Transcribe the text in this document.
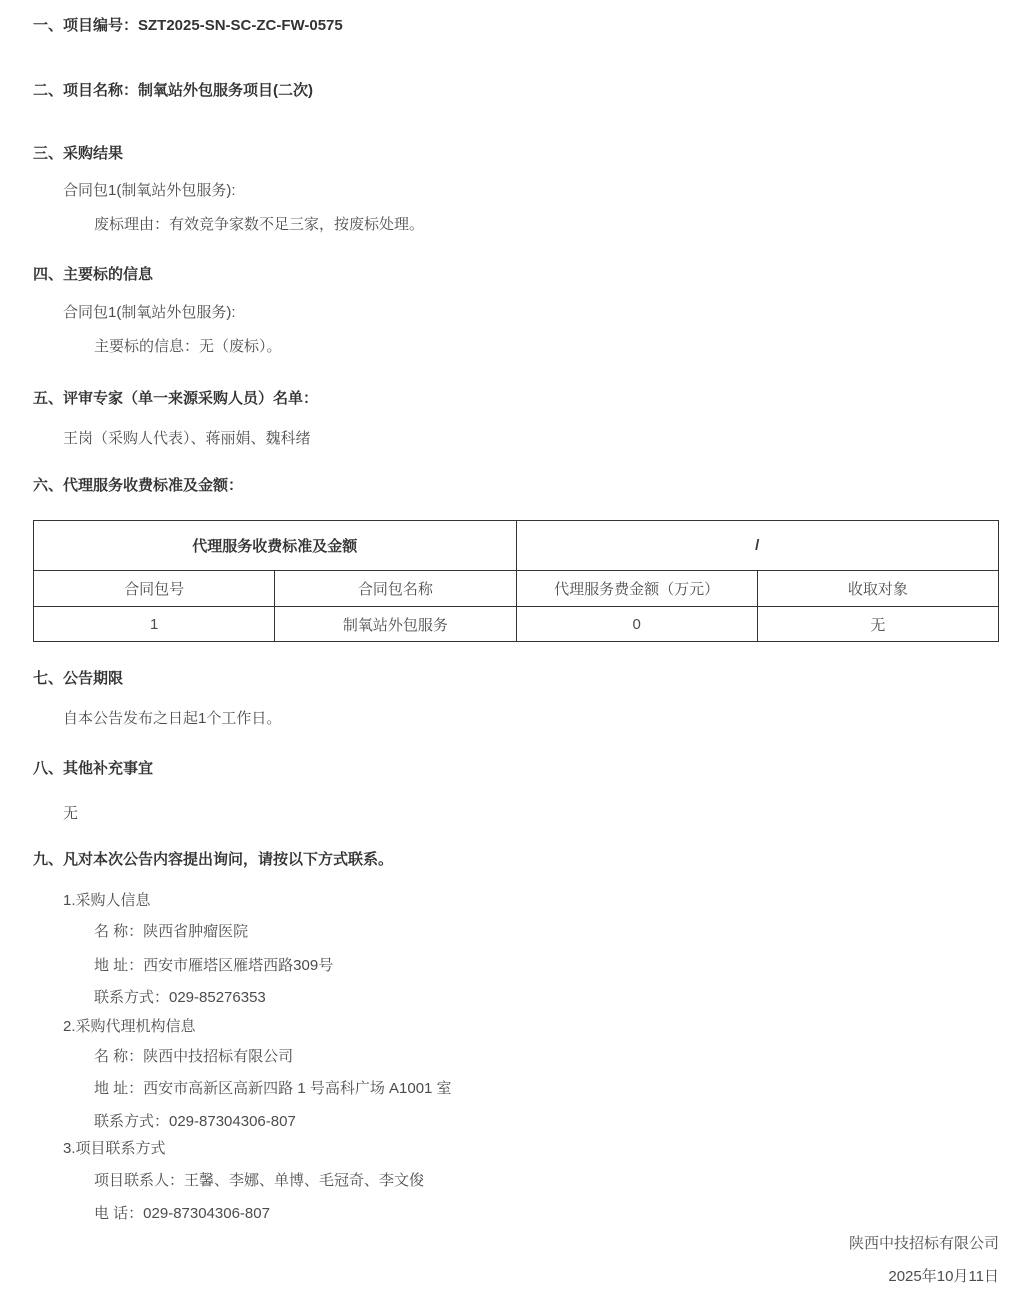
一、项目编号：SZT2025-SN-SC-ZC-FW-0575
二、项目名称：制氧站外包服务项目(二次)
三、采购结果
合同包1(制氧站外包服务):
废标理由：有效竞争家数不足三家，按废标处理。
四、主要标的信息
合同包1(制氧站外包服务):
主要标的信息：无（废标）。
五、评审专家（单一来源采购人员）名单：
王岗（采购人代表）、蒋丽娟、魏科绪
六、代理服务收费标准及金额：
代理服务收费标准及金额		/	
合同包号	合同包名称	代理服务费金额（万元）	收取对象
1	制氧站外包服务	0	无
七、公告期限
自本公告发布之日起1个工作日。
八、其他补充事宜
无
九、凡对本次公告内容提出询问，请按以下方式联系。
1.采购人信息
名 称：陕西省肿瘤医院
地 址：西安市雁塔区雁塔西路309号
联系方式：029-85276353
2.采购代理机构信息
名 称：陕西中技招标有限公司
地 址：西安市高新区高新四路 1 号高科广场 A1001 室
联系方式：029-87304306-807
3.项目联系方式
项目联系人：王馨、李娜、单博、毛冠奇、李文俊
电 话：029-87304306-807
陕西中技招标有限公司
2025年10月11日
